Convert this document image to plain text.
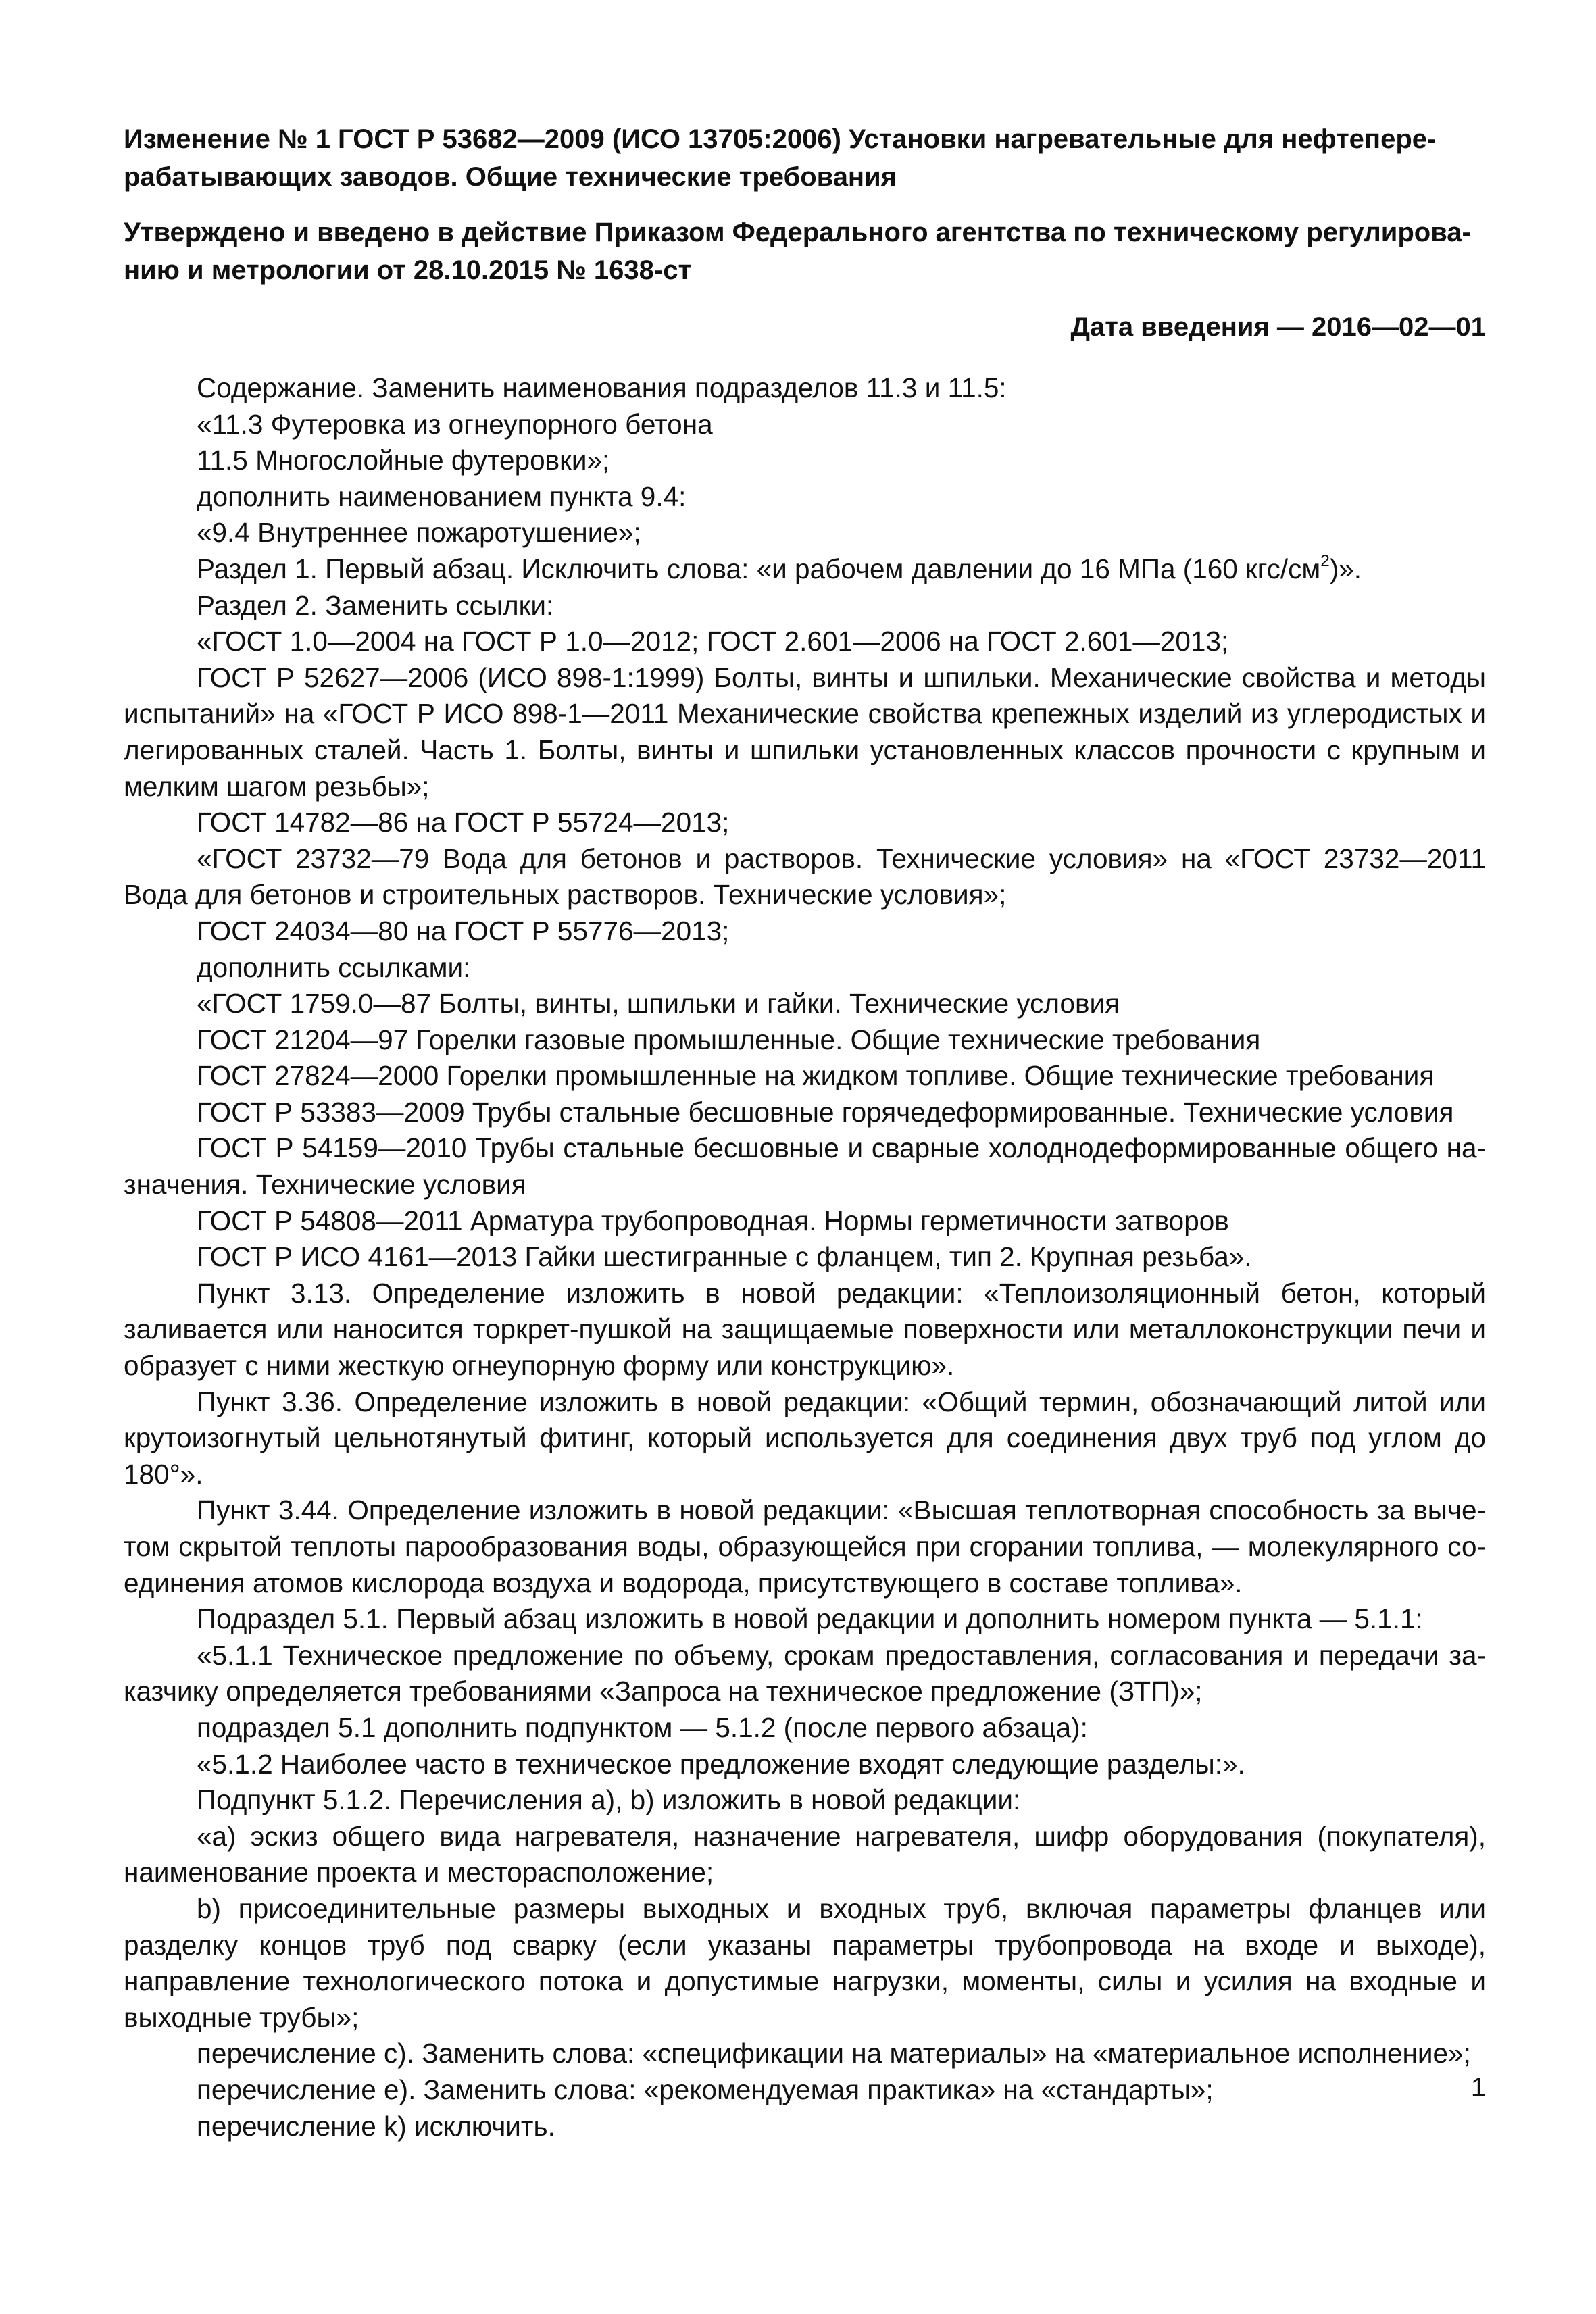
Изменение № 1 ГОСТ Р 53682—2009 (ИСО 13705:2006) Установки нагревательные для нефтеперерабатывающих заводов. Общие технические требования

Утверждено и введено в действие Приказом Федерального агентства по техническому регулированию и метрологии от 28.10.2015 № 1638-ст

Дата введения — 2016—02—01

Содержание. Заменить наименования подразделов 11.3 и 11.5:

«11.3 Футеровка из огнеупорного бетона

11.5 Многослойные футеровки»;

дополнить наименованием пункта 9.4:

«9.4 Внутреннее пожаротушение»;

Раздел 1. Первый абзац. Исключить слова: «и рабочем давлении до 16 МПа (160 кгс/$см^2$)».

Раздел 2. Заменить ссылки:

«ГОСТ 1.0—2004 на ГОСТ Р 1.0—2012; ГОСТ 2.601—2006 на ГОСТ 2.601—2013;

ГОСТ Р 52627—2006 (ИСО 898-1:1999) Болты, винты и шпильки. Механические свойства и методы испытаний» на «ГОСТ Р ИСО 898-1—2011 Механические свойства крепежных изделий из углеродистых и легированных сталей. Часть 1. Болты, винты и шпильки установленных классов прочности с крупным и мелким шагом резьбы»;

ГОСТ 14782—86 на ГОСТ Р 55724—2013;

«ГОСТ 23732—79 Вода для бетонов и растворов. Технические условия» на «ГОСТ 23732—2011 Вода для бетонов и строительных растворов. Технические условия»;

ГОСТ 24034—80 на ГОСТ Р 55776—2013;

дополнить ссылками:

«ГОСТ 1759.0—87 Болты, винты, шпильки и гайки. Технические условия

ГОСТ 21204—97 Горелки газовые промышленные. Общие технические требования

ГОСТ 27824—2000 Горелки промышленные на жидком топливе. Общие технические требования

ГОСТ Р 53383—2009 Трубы стальные бесшовные горячедеформированные. Технические условия

ГОСТ Р 54159—2010 Трубы стальные бесшовные и сварные холоднодеформированные общего назначения. Технические условия

ГОСТ Р 54808—2011 Арматура трубопроводная. Нормы герметичности затворов

ГОСТ Р ИСО 4161—2013 Гайки шестигранные с фланцем, тип 2. Крупная резьба».

Пункт 3.13. Определение изложить в новой редакции: «Теплоизоляционный бетон, который заливается или наносится торкрет-пушкой на защищаемые поверхности или металлоконструкции печи и образует с ними жесткую огнеупорную форму или конструкцию».

Пункт 3.36. Определение изложить в новой редакции: «Общий термин, обозначающий литой или крутоизогнутый цельнотянутый фитинг, который используется для соединения двух труб под углом до 180°».

Пункт 3.44. Определение изложить в новой редакции: «Высшая теплотворная способность за вычетом скрытой теплоты парообразования воды, образующейся при сгорании топлива, — молекулярного соединения атомов кислорода воздуха и водорода, присутствующего в составе топлива».

Подраздел 5.1. Первый абзац изложить в новой редакции и дополнить номером пункта — 5.1.1:

«5.1.1 Техническое предложение по объему, срокам предоставления, согласования и передачи заказчику определяется требованиями «Запроса на техническое предложение (ЗТП)»;

подраздел 5.1 дополнить подпунктом — 5.1.2 (после первого абзаца):

«5.1.2 Наиболее часто в техническое предложение входят следующие разделы:».

Подпункт 5.1.2. Перечисления a), b) изложить в новой редакции:

«a) эскиз общего вида нагревателя, назначение нагревателя, шифр оборудования (покупателя), наименование проекта и месторасположение;

b) присоединительные размеры выходных и входных труб, включая параметры фланцев или разделку концов труб под сварку (если указаны параметры трубопровода на входе и выходе), направление технологического потока и допустимые нагрузки, моменты, силы и усилия на входные и выходные трубы»;

перечисление c). Заменить слова: «спецификации на материалы» на «материальное исполнение»;

перечисление e). Заменить слова: «рекомендуемая практика» на «стандарты»;

перечисление k) исключить.

1
